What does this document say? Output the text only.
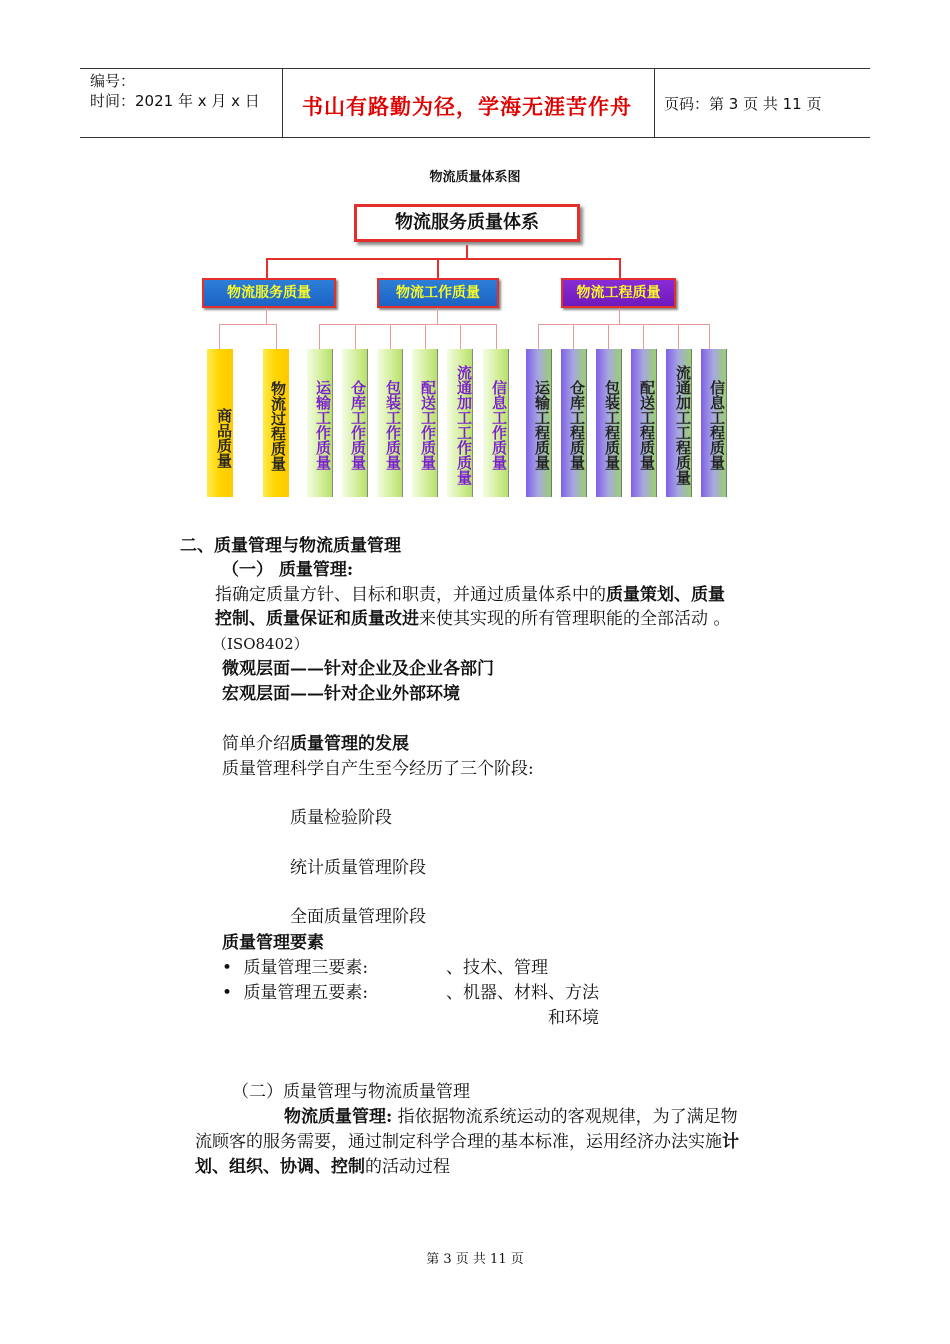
编号：
时间：2021 年 x 月 x 日 书山有路勤为径，学海无涯苦作舟 页码：第 3 页 共 11 页
物流质量体系图
物流服务质量体系
物流服务质量	物流工作质量	物流工程质量
商品质量	物流过程质量	运输工作质量	仓库工作质量	包装工作质量	配送工作质量	流通加工工作质量	信息工作质量	运输工程质量	仓库工程质量	包装工程质量	配送工程质量	流通加工工程质量	信息工程质量
二、质量管理与物流质量管理
（一） 质量管理:
指确定质量方针、目标和职责，并通过质量体系中的质量策划、质量
控制、质量保证和质量改进来使其实现的所有管理职能的全部活动 。
（ISO8402）
微观层面——针对企业及企业各部门
宏观层面——针对企业外部环境
简单介绍质量管理的发展
质量管理科学自产生至今经历了三个阶段:
质量检验阶段
统计质量管理阶段
全面质量管理阶段
质量管理要素
• 质量管理三要素:	、技术、管理
• 质量管理五要素:	、机器、材料、方法
和环境
（二）质量管理与物流质量管理
物流质量管理: 指依据物流系统运动的客观规律，为了满足物
流顾客的服务需要，通过制定科学合理的基本标准，运用经济办法实施计
划、组织、协调、控制的活动过程
第 3 页 共 11 页
